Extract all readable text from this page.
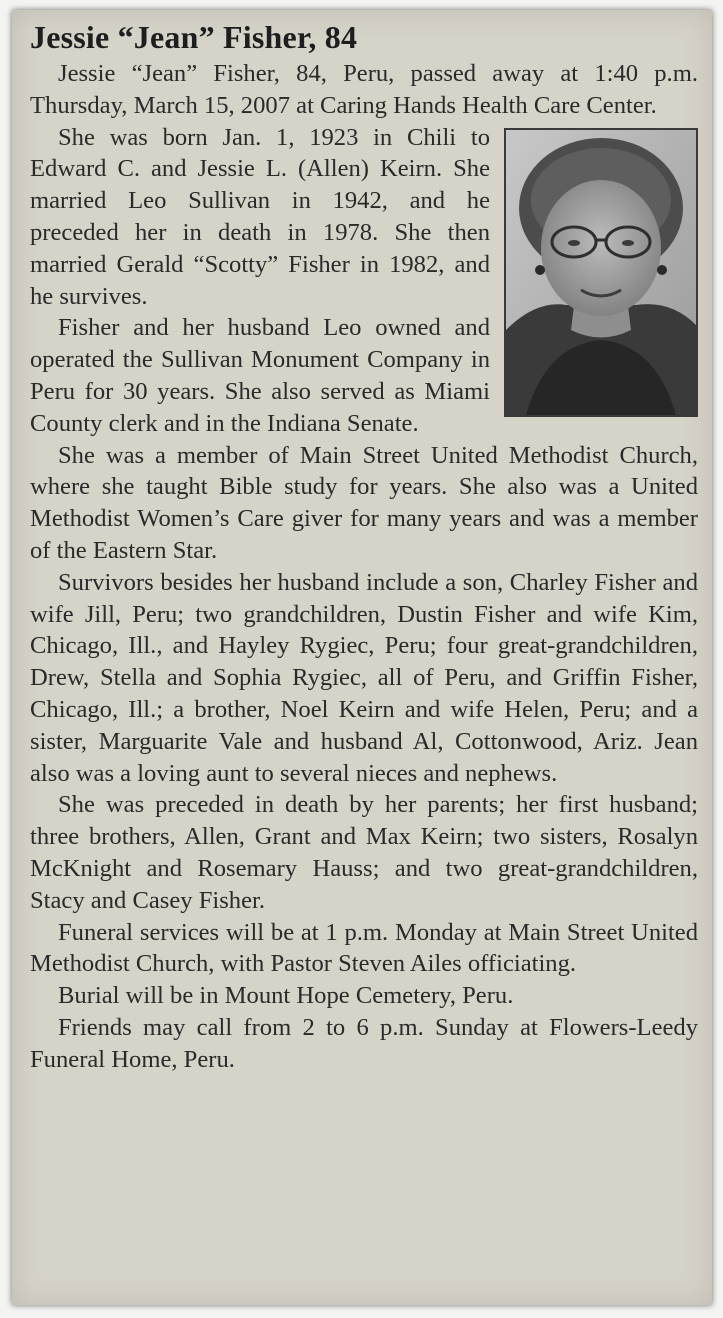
Jessie “Jean” Fisher, 84

Jessie “Jean” Fisher, 84, Peru, passed away at 1:40 p.m. Thursday, March 15, 2007 at Caring Hands Health Care Center.

She was born Jan. 1, 1923 in Chili to Edward C. and Jessie L. (Allen) Keirn. She married Leo Sullivan in 1942, and he preceded her in death in 1978. She then married Gerald “Scotty” Fisher in 1982, and he survives.

Fisher and her husband Leo owned and operated the Sullivan Monument Company in Peru for 30 years. She also served as Miami County clerk and in the Indiana Senate.

She was a member of Main Street United Methodist Church, where she taught Bible study for years. She also was a United Methodist Women’s Care giver for many years and was a member of the Eastern Star.

Survivors besides her husband include a son, Charley Fisher and wife Jill, Peru; two grandchildren, Dustin Fisher and wife Kim, Chicago, Ill., and Hayley Rygiec, Peru; four great-grandchildren, Drew, Stella and Sophia Rygiec, all of Peru, and Griffin Fisher, Chicago, Ill.; a brother, Noel Keirn and wife Helen, Peru; and a sister, Marguarite Vale and husband Al, Cottonwood, Ariz. Jean also was a loving aunt to several nieces and nephews.

She was preceded in death by her parents; her first husband; three brothers, Allen, Grant and Max Keirn; two sisters, Rosalyn McKnight and Rosemary Hauss; and two great-grandchildren, Stacy and Casey Fisher.

Funeral services will be at 1 p.m. Monday at Main Street United Methodist Church, with Pastor Steven Ailes officiating.

Burial will be in Mount Hope Cemetery, Peru.

Friends may call from 2 to 6 p.m. Sunday at Flowers-Leedy Funeral Home, Peru.
